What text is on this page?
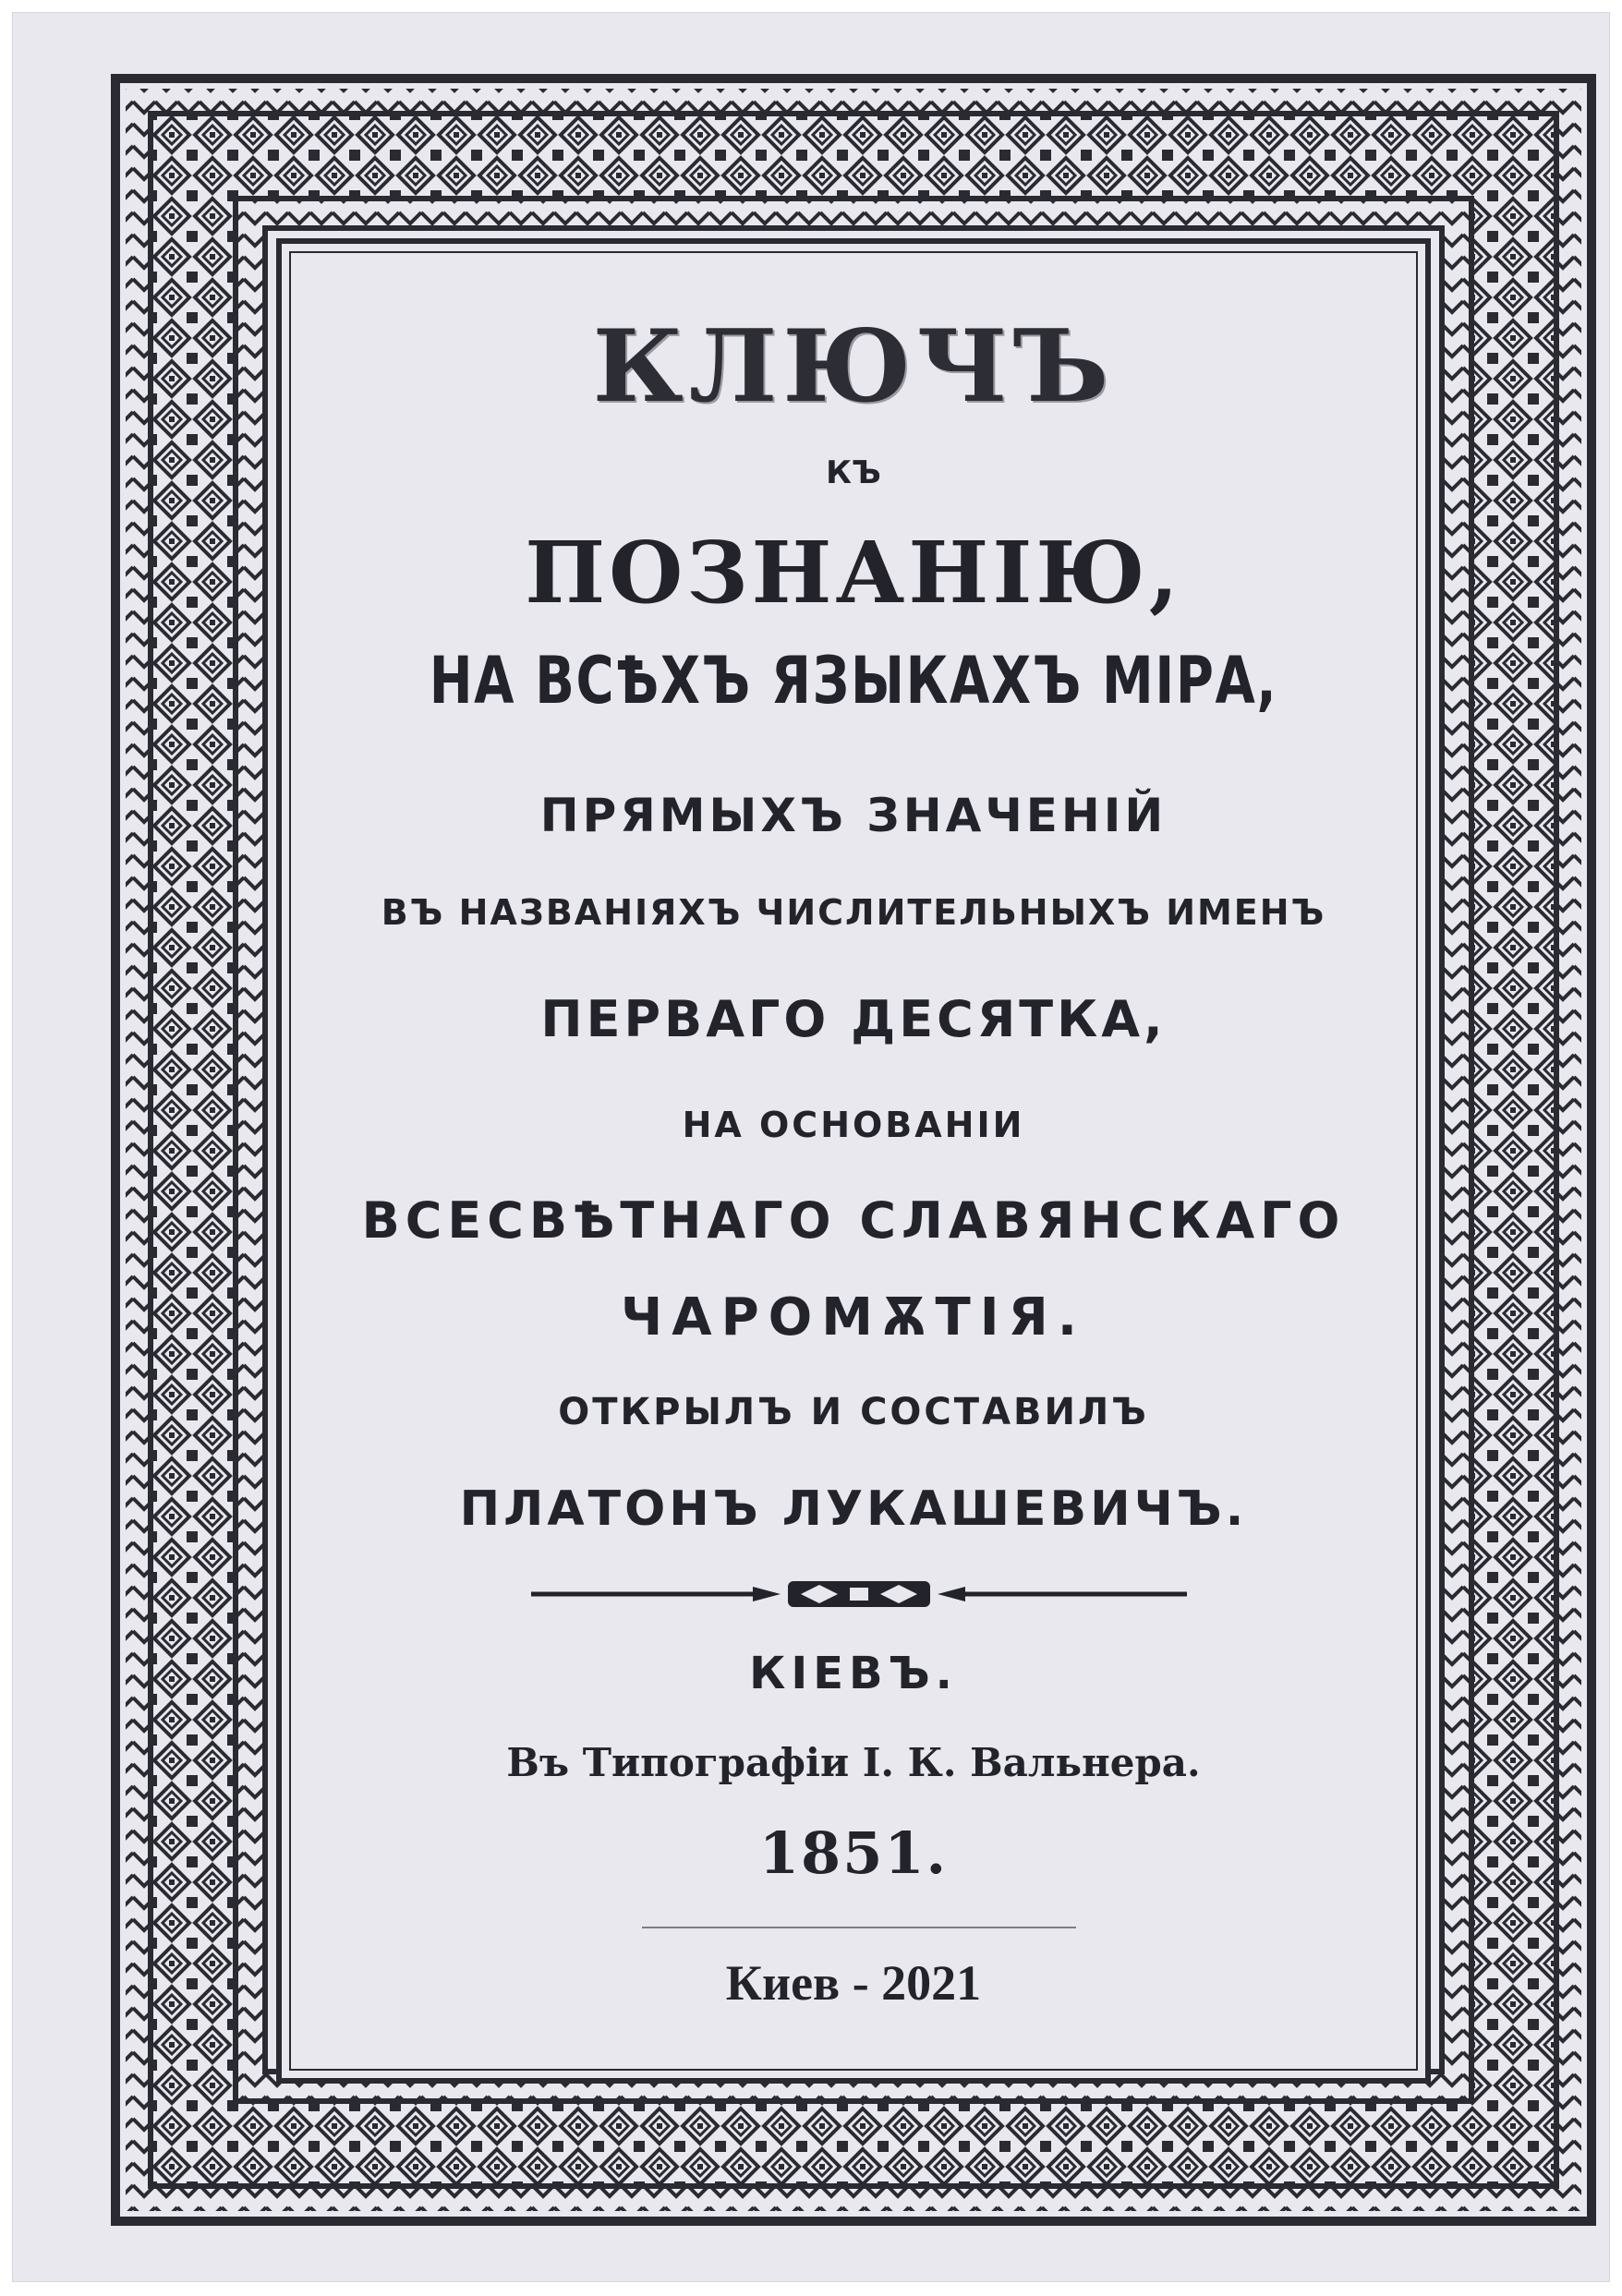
КЛЮЧЪ
КЪ
ПОЗНАНІЮ,
НА ВСѢХЪ ЯЗЫКАХЪ МІРА,
ПРЯМЫХЪ ЗНАЧЕНІЙ
ВЪ НАЗВАНІЯХЪ ЧИСЛИТЕЛЬНЫХЪ ИМЕНЪ
ПЕРВАГО ДЕСЯТКА,
НА ОСНОВАНІИ
ВСЕСВѢТНАГО СЛАВЯНСКАГО
ЧАРОМѪТІЯ.
ОТКРЫЛЪ И СОСТАВИЛЪ
ПЛАТОНЪ ЛУКАШЕВИЧЪ.
КІЕВЪ.
Въ Типографіи І. К. Вальнера.
1851.
Киев - 2021
